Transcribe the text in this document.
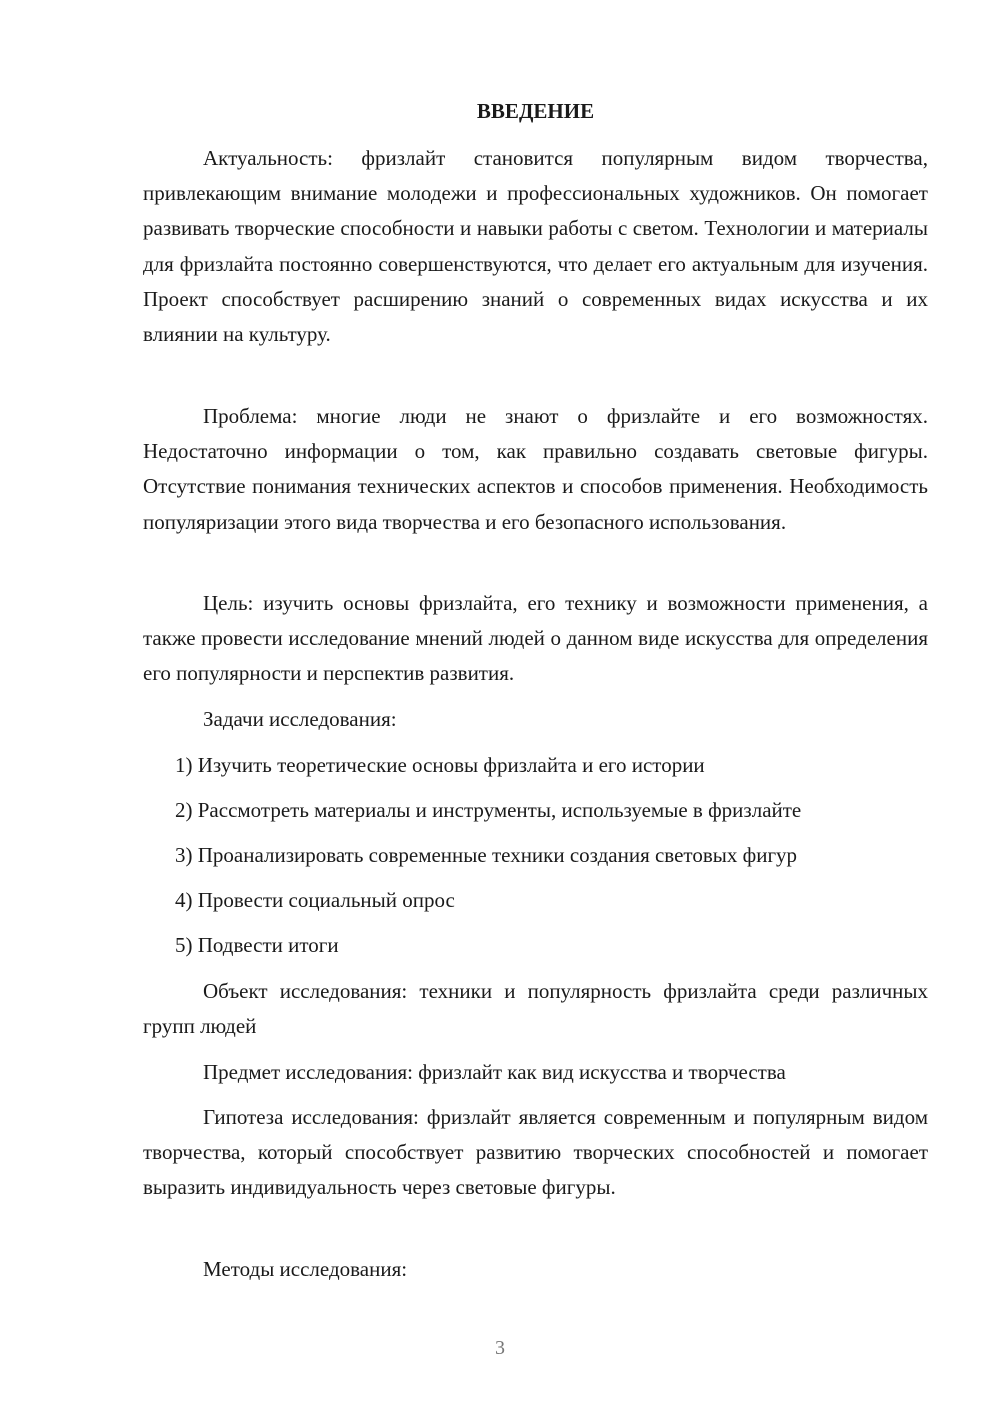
ВВЕДЕНИЕ

Актуальность: фризлайт становится популярным видом творчества, привлекающим внимание молодежи и профессиональных художников. Он помогает развивать творческие способности и навыки работы с светом. Технологии и материалы для фризлайта постоянно совершенствуются, что делает его актуальным для изучения. Проект способствует расширению знаний о современных видах искусства и их влиянии на культуру.

Проблема: многие люди не знают о фризлайте и его возможностях. Недостаточно информации о том, как правильно создавать световые фигуры. Отсутствие понимания технических аспектов и способов применения. Необходимость популяризации этого вида творчества и его безопасного использования.

Цель: изучить основы фризлайта, его технику и возможности применения, а также провести исследование мнений людей о данном виде искусства для определения его популярности и перспектив развития.

Задачи исследования:

1) Изучить теоретические основы фризлайта и его истории

2) Рассмотреть материалы и инструменты, используемые в фризлайте

3) Проанализировать современные техники создания световых фигур

4) Провести социальный опрос

5) Подвести итоги

Объект исследования: техники и популярность фризлайта среди различных групп людей

Предмет исследования: фризлайт как вид искусства и творчества

Гипотеза исследования: фризлайт является современным и популярным видом творчества, который способствует развитию творческих способностей и помогает выразить индивидуальность через световые фигуры.

Методы исследования:

3
